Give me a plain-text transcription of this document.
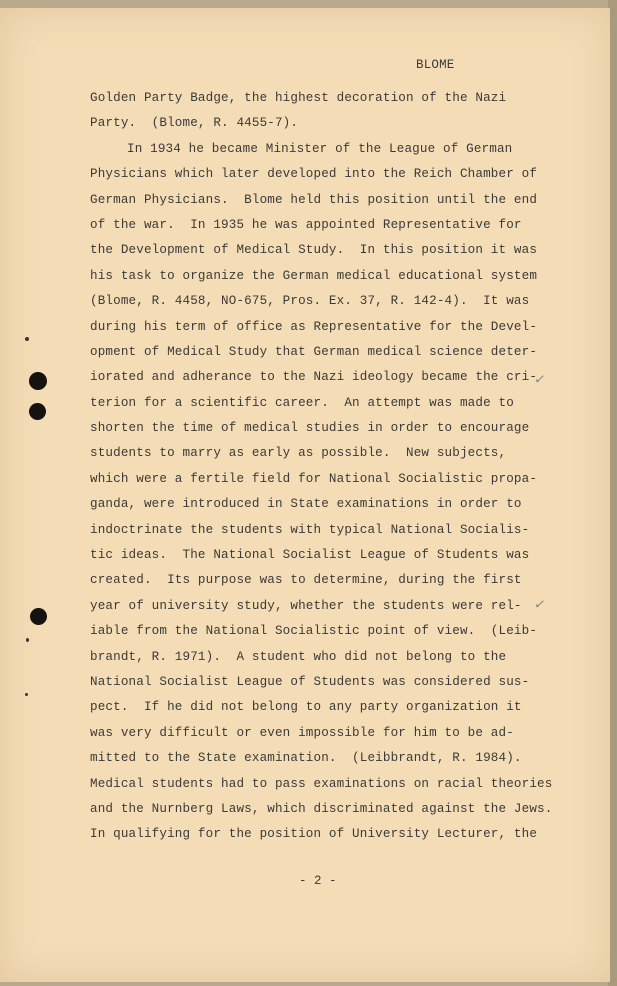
BLOME
Golden Party Badge, the highest decoration of the Nazi
Party.  (Blome, R. 4455-7).
In 1934 he became Minister of the League of German
Physicians which later developed into the Reich Chamber of
German Physicians.  Blome held this position until the end
of the war.  In 1935 he was appointed Representative for
the Development of Medical Study.  In this position it was
his task to organize the German medical educational system
(Blome, R. 4458, NO-675, Pros. Ex. 37, R. 142-4).  It was
during his term of office as Representative for the Devel-
opment of Medical Study that German medical science deter-
iorated and adherance to the Nazi ideology became the cri-
terion for a scientific career.  An attempt was made to
shorten the time of medical studies in order to encourage
students to marry as early as possible.  New subjects,
which were a fertile field for National Socialistic propa-
ganda, were introduced in State examinations in order to
indoctrinate the students with typical National Socialis-
tic ideas.  The National Socialist League of Students was
created.  Its purpose was to determine, during the first
year of university study, whether the students were rel-
iable from the National Socialistic point of view.  (Leib-
brandt, R. 1971).  A student who did not belong to the
National Socialist League of Students was considered sus-
pect.  If he did not belong to any party organization it
was very difficult or even impossible for him to be ad-
mitted to the State examination.  (Leibbrandt, R. 1984).
Medical students had to pass examinations on racial theories
and the Nurnberg Laws, which discriminated against the Jews.
In qualifying for the position of University Lecturer, the
- 2 -
✓
✓
